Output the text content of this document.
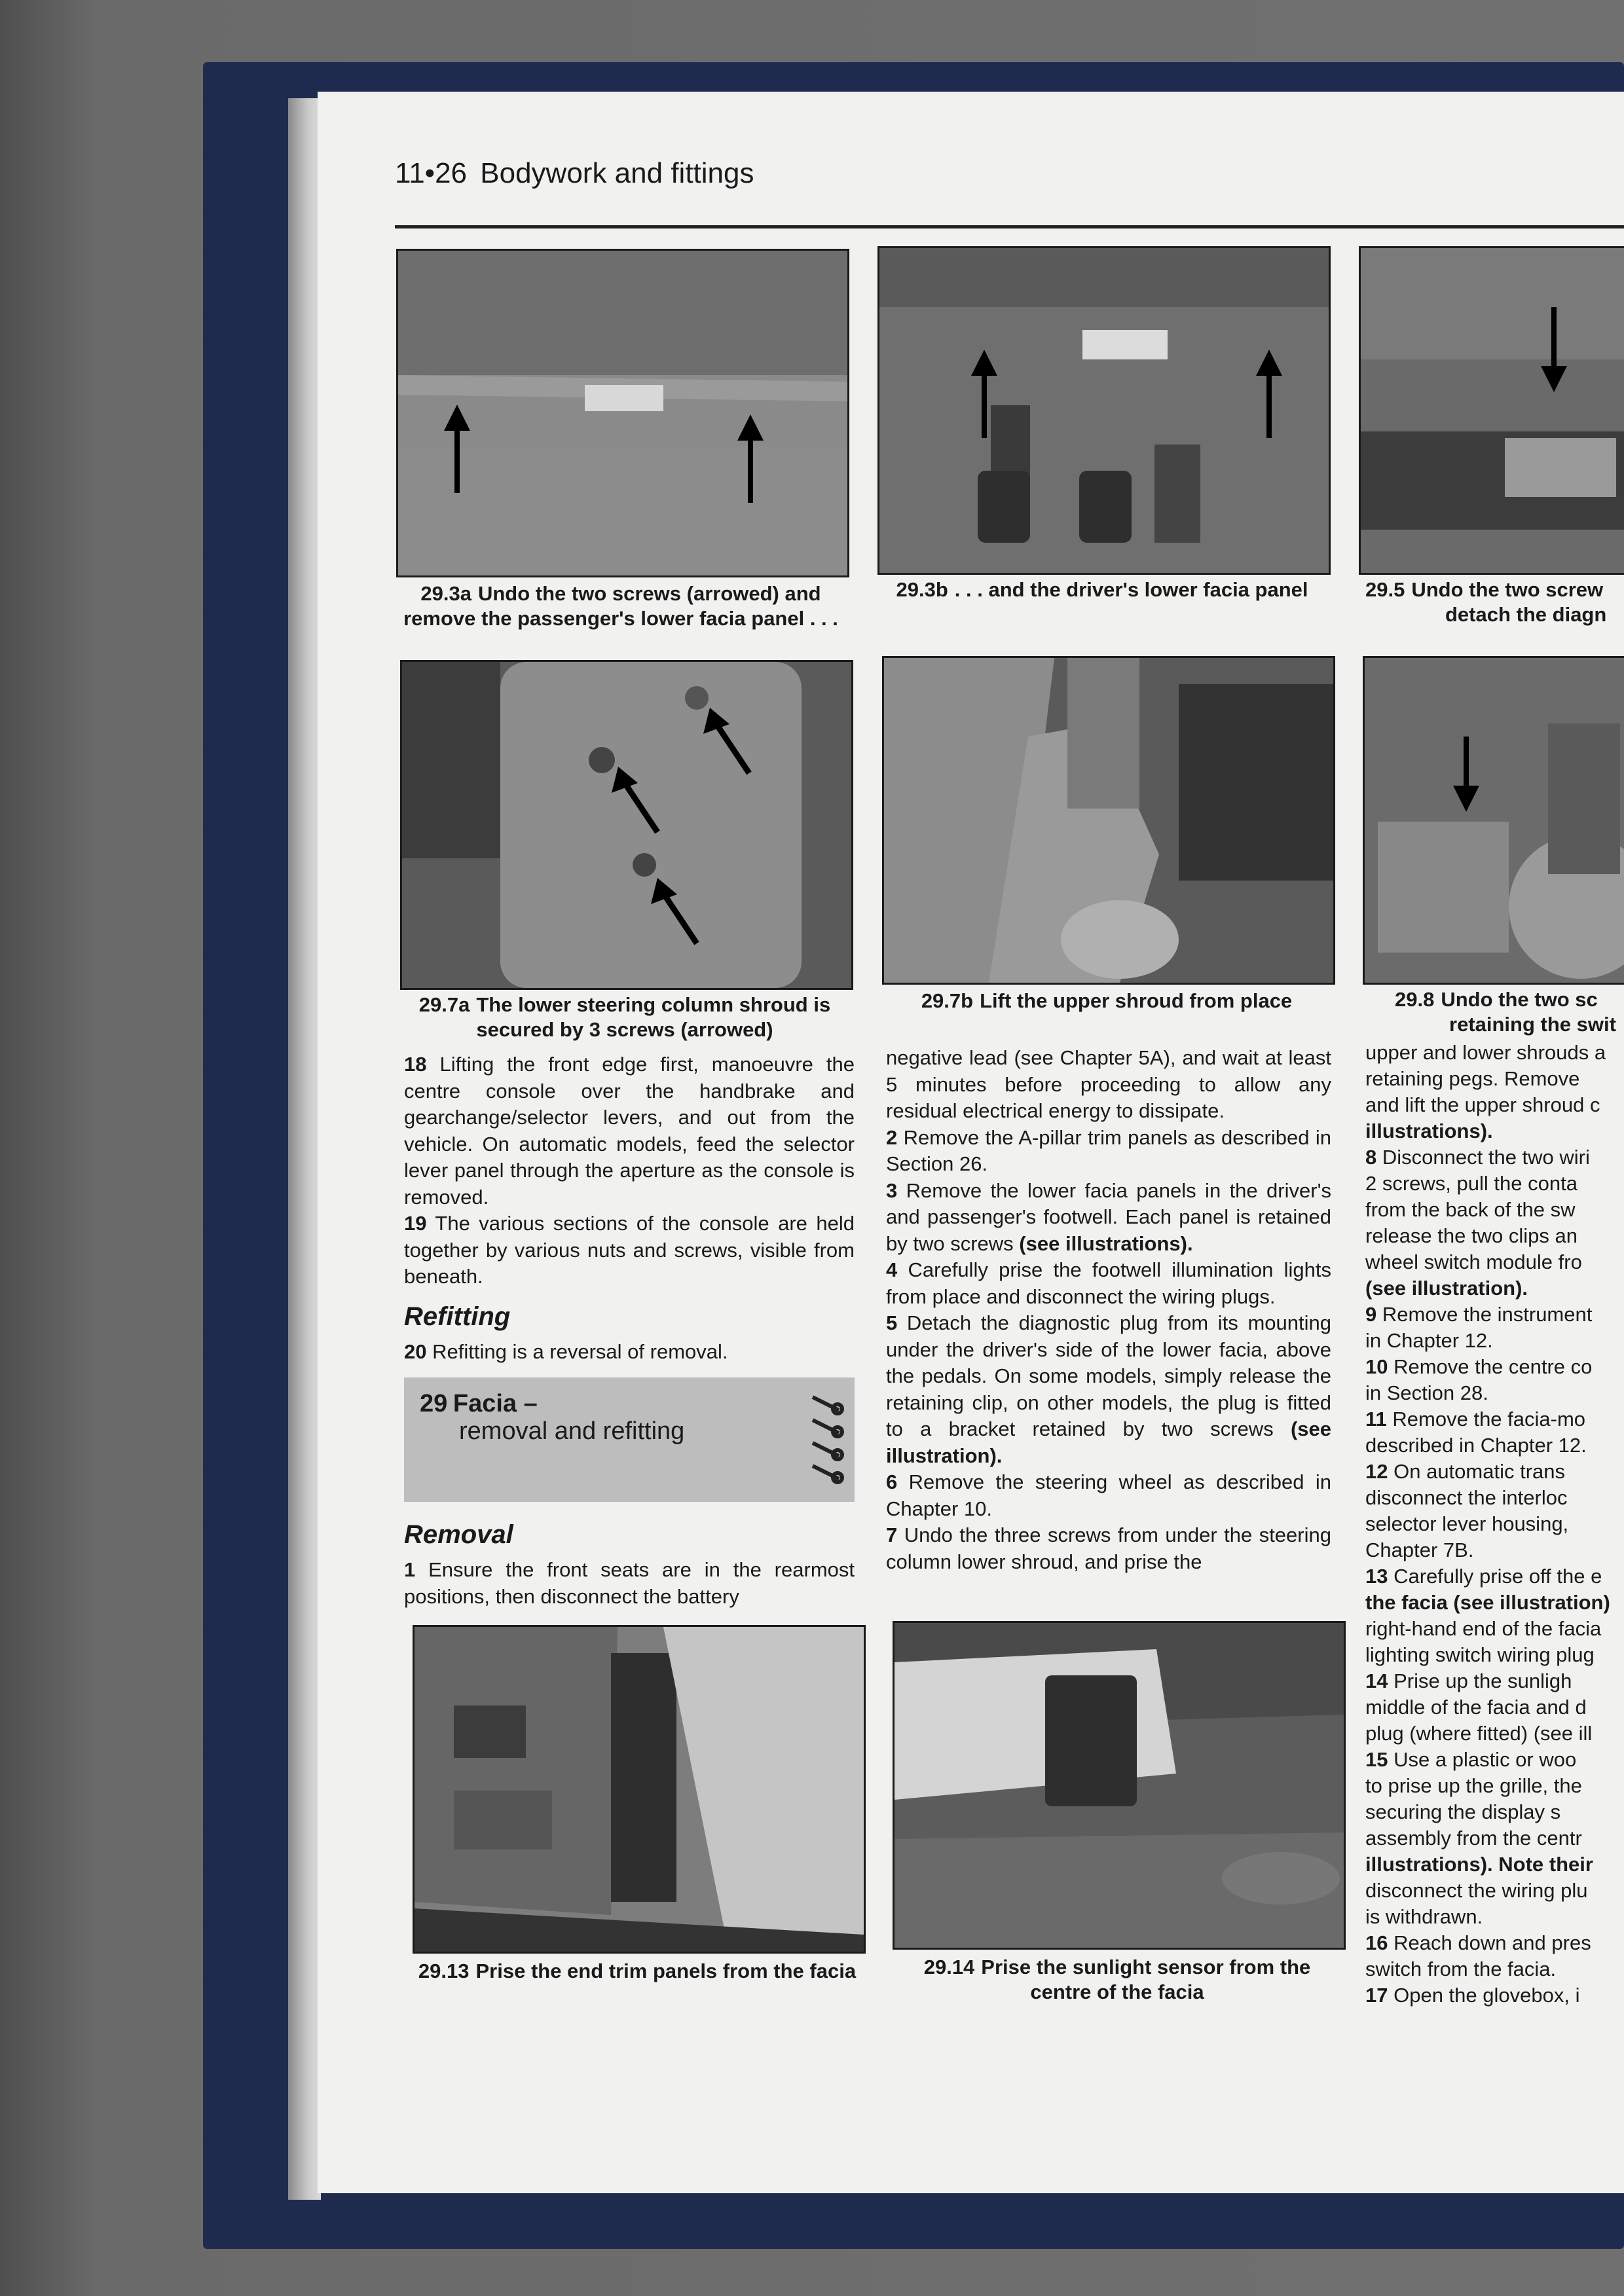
11•26 Bodywork and fittings
29.3a Undo the two screws (arrowed) and remove the passenger's lower facia panel . . .
29.3b . . . and the driver's lower facia panel	29.5 Undo the two screw
detach the diagn
29.7a The lower steering column shroud is secured by 3 screws (arrowed)
29.7b Lift the upper shroud from place	29.8 Undo the two sc
retaining the swit

18 Lifting the front edge first, manoeuvre the centre console over the handbrake and gearchange/selector levers, and out from the vehicle. On automatic models, feed the selector lever panel through the aperture as the console is removed.

19 The various sections of the console are held together by various nuts and screws, visible from beneath.

Refitting

20 Refitting is a reversal of removal.

29 Facia –
removal and refitting
Removal

1 Ensure the front seats are in the rearmost positions, then disconnect the battery

negative lead (see Chapter 5A), and wait at least 5 minutes before proceeding to allow any residual electrical energy to dissipate.

2 Remove the A-pillar trim panels as described in Section 26.

3 Remove the lower facia panels in the driver's and passenger's footwell. Each panel is retained by two screws (see illustrations).

4 Carefully prise the footwell illumination lights from place and disconnect the wiring plugs.

5 Detach the diagnostic plug from its mounting under the driver's side of the lower facia, above the pedals. On some models, simply release the retaining clip, on other models, the plug is fitted to a bracket retained by two screws (see illustration).

6 Remove the steering wheel as described in Chapter 10.

7 Undo the three screws from under the steering column lower shroud, and prise the

upper and lower shrouds a
retaining pegs. Remove
and lift the upper shroud c
illustrations).
8 Disconnect the two wiri
2 screws, pull the conta
from the back of the sw
release the two clips an
wheel switch module fro
(see illustration).
9 Remove the instrument
in Chapter 12.
10 Remove the centre co
in Section 28.
11 Remove the facia-mo
described in Chapter 12.
12 On automatic trans
disconnect the interloc
selector lever housing,
Chapter 7B.
13 Carefully prise off the e
the facia (see illustration)
right-hand end of the facia
lighting switch wiring plug
14 Prise up the sunligh
middle of the facia and d
plug (where fitted) (see ill
15 Use a plastic or woo
to prise up the grille, the
securing the display s
assembly from the centr
illustrations). Note their
disconnect the wiring plu
is withdrawn.
16 Reach down and pres
switch from the facia.
17 Open the glovebox, i
29.13 Prise the end trim panels from the facia	29.14 Prise the sunlight sensor from the centre of the facia
